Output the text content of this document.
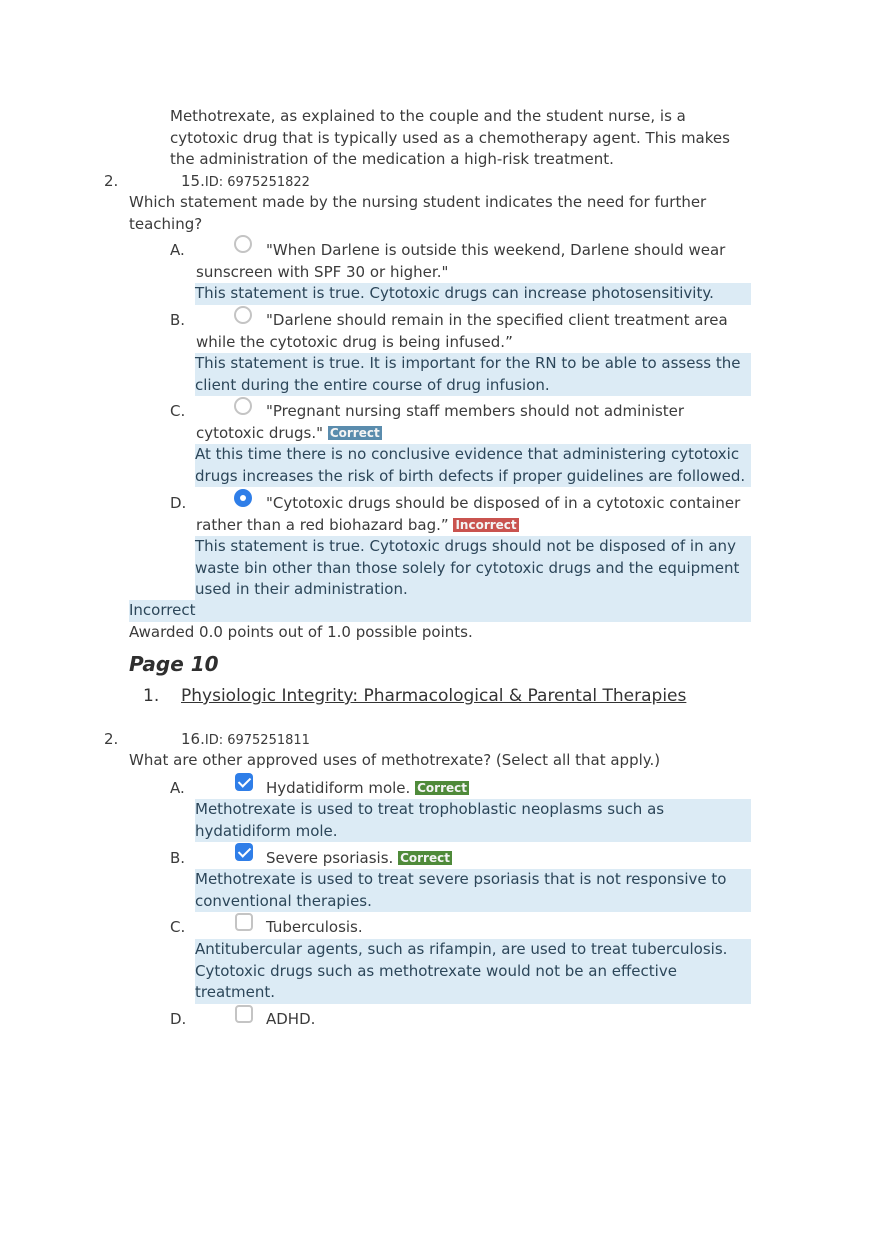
Methotrexate, as explained to the couple and the student nurse, is a
cytotoxic drug that is typically used as a chemotherapy agent. This makes
the administration of the medication a high-risk treatment.
2.	15.ID: 6975251822
Which statement made by the nursing student indicates the need for further
teaching?
A.	"When Darlene is outside this weekend, Darlene should wear
sunscreen with SPF 30 or higher."
This statement is true. Cytotoxic drugs can increase photosensitivity.
B.	"Darlene should remain in the specified client treatment area
while the cytotoxic drug is being infused.”
This statement is true. It is important for the RN to be able to assess the
client during the entire course of drug infusion.
C.	"Pregnant nursing staff members should not administer
cytotoxic drugs." Correct
At this time there is no conclusive evidence that administering cytotoxic
drugs increases the risk of birth defects if proper guidelines are followed.
D.	"Cytotoxic drugs should be disposed of in a cytotoxic container
rather than a red biohazard bag.” Incorrect
This statement is true. Cytotoxic drugs should not be disposed of in any
waste bin other than those solely for cytotoxic drugs and the equipment
used in their administration.
Incorrect
Awarded 0.0 points out of 1.0 possible points.
Page 10
1. Physiologic Integrity: Pharmacological & Parental Therapies
2.	16.ID: 6975251811
What are other approved uses of methotrexate? (Select all that apply.)
A.	Hydatidiform mole. Correct
Methotrexate is used to treat trophoblastic neoplasms such as
hydatidiform mole.
B.	Severe psoriasis. Correct
Methotrexate is used to treat severe psoriasis that is not responsive to
conventional therapies.
C.	Tuberculosis.
Antitubercular agents, such as rifampin, are used to treat tuberculosis.
Cytotoxic drugs such as methotrexate would not be an effective
treatment.
D.	ADHD.
